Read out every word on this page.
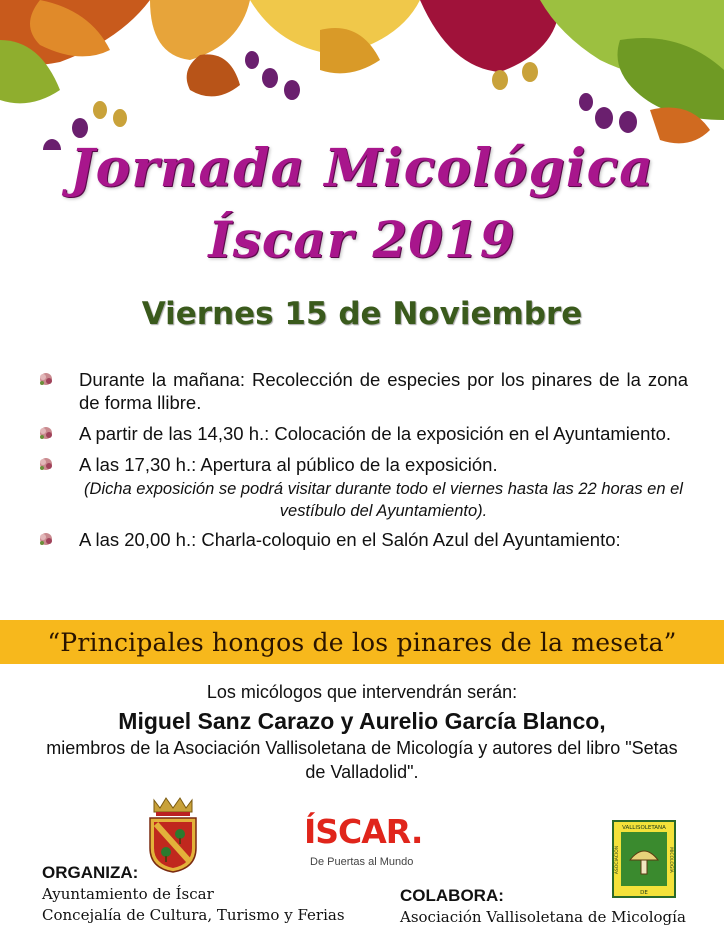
Jornada Micológica
Íscar 2019
Viernes 15 de Noviembre
Durante la mañana: Recolección de especies por los pinares de la zona de forma llibre.
A partir de las 14,30 h.: Colocación de la exposición en el Ayuntamiento.
A las 17,30 h.: Apertura al público de la exposición.
(Dicha exposición se podrá visitar durante todo el viernes hasta las 22 horas en el vestíbulo del Ayuntamiento).
A las 20,00 h.: Charla-coloquio en el Salón Azul del Ayuntamiento:
“Principales hongos de los pinares de la meseta”
Los micólogos que intervendrán serán:
Miguel Sanz Carazo y Aurelio García Blanco,
miembros de la Asociación Vallisoletana de Micología y autores del libro "Setas de Valladolid".
ÍSCAR.
De Puertas al Mundo
VALLISOLETANA
ASOCIACIÓN	MICOLOGÍA
DE
ORGANIZA:
Ayuntamiento de Íscar
Concejalía de Cultura, Turismo y Ferias
COLABORA:
Asociación Vallisoletana de Micología
